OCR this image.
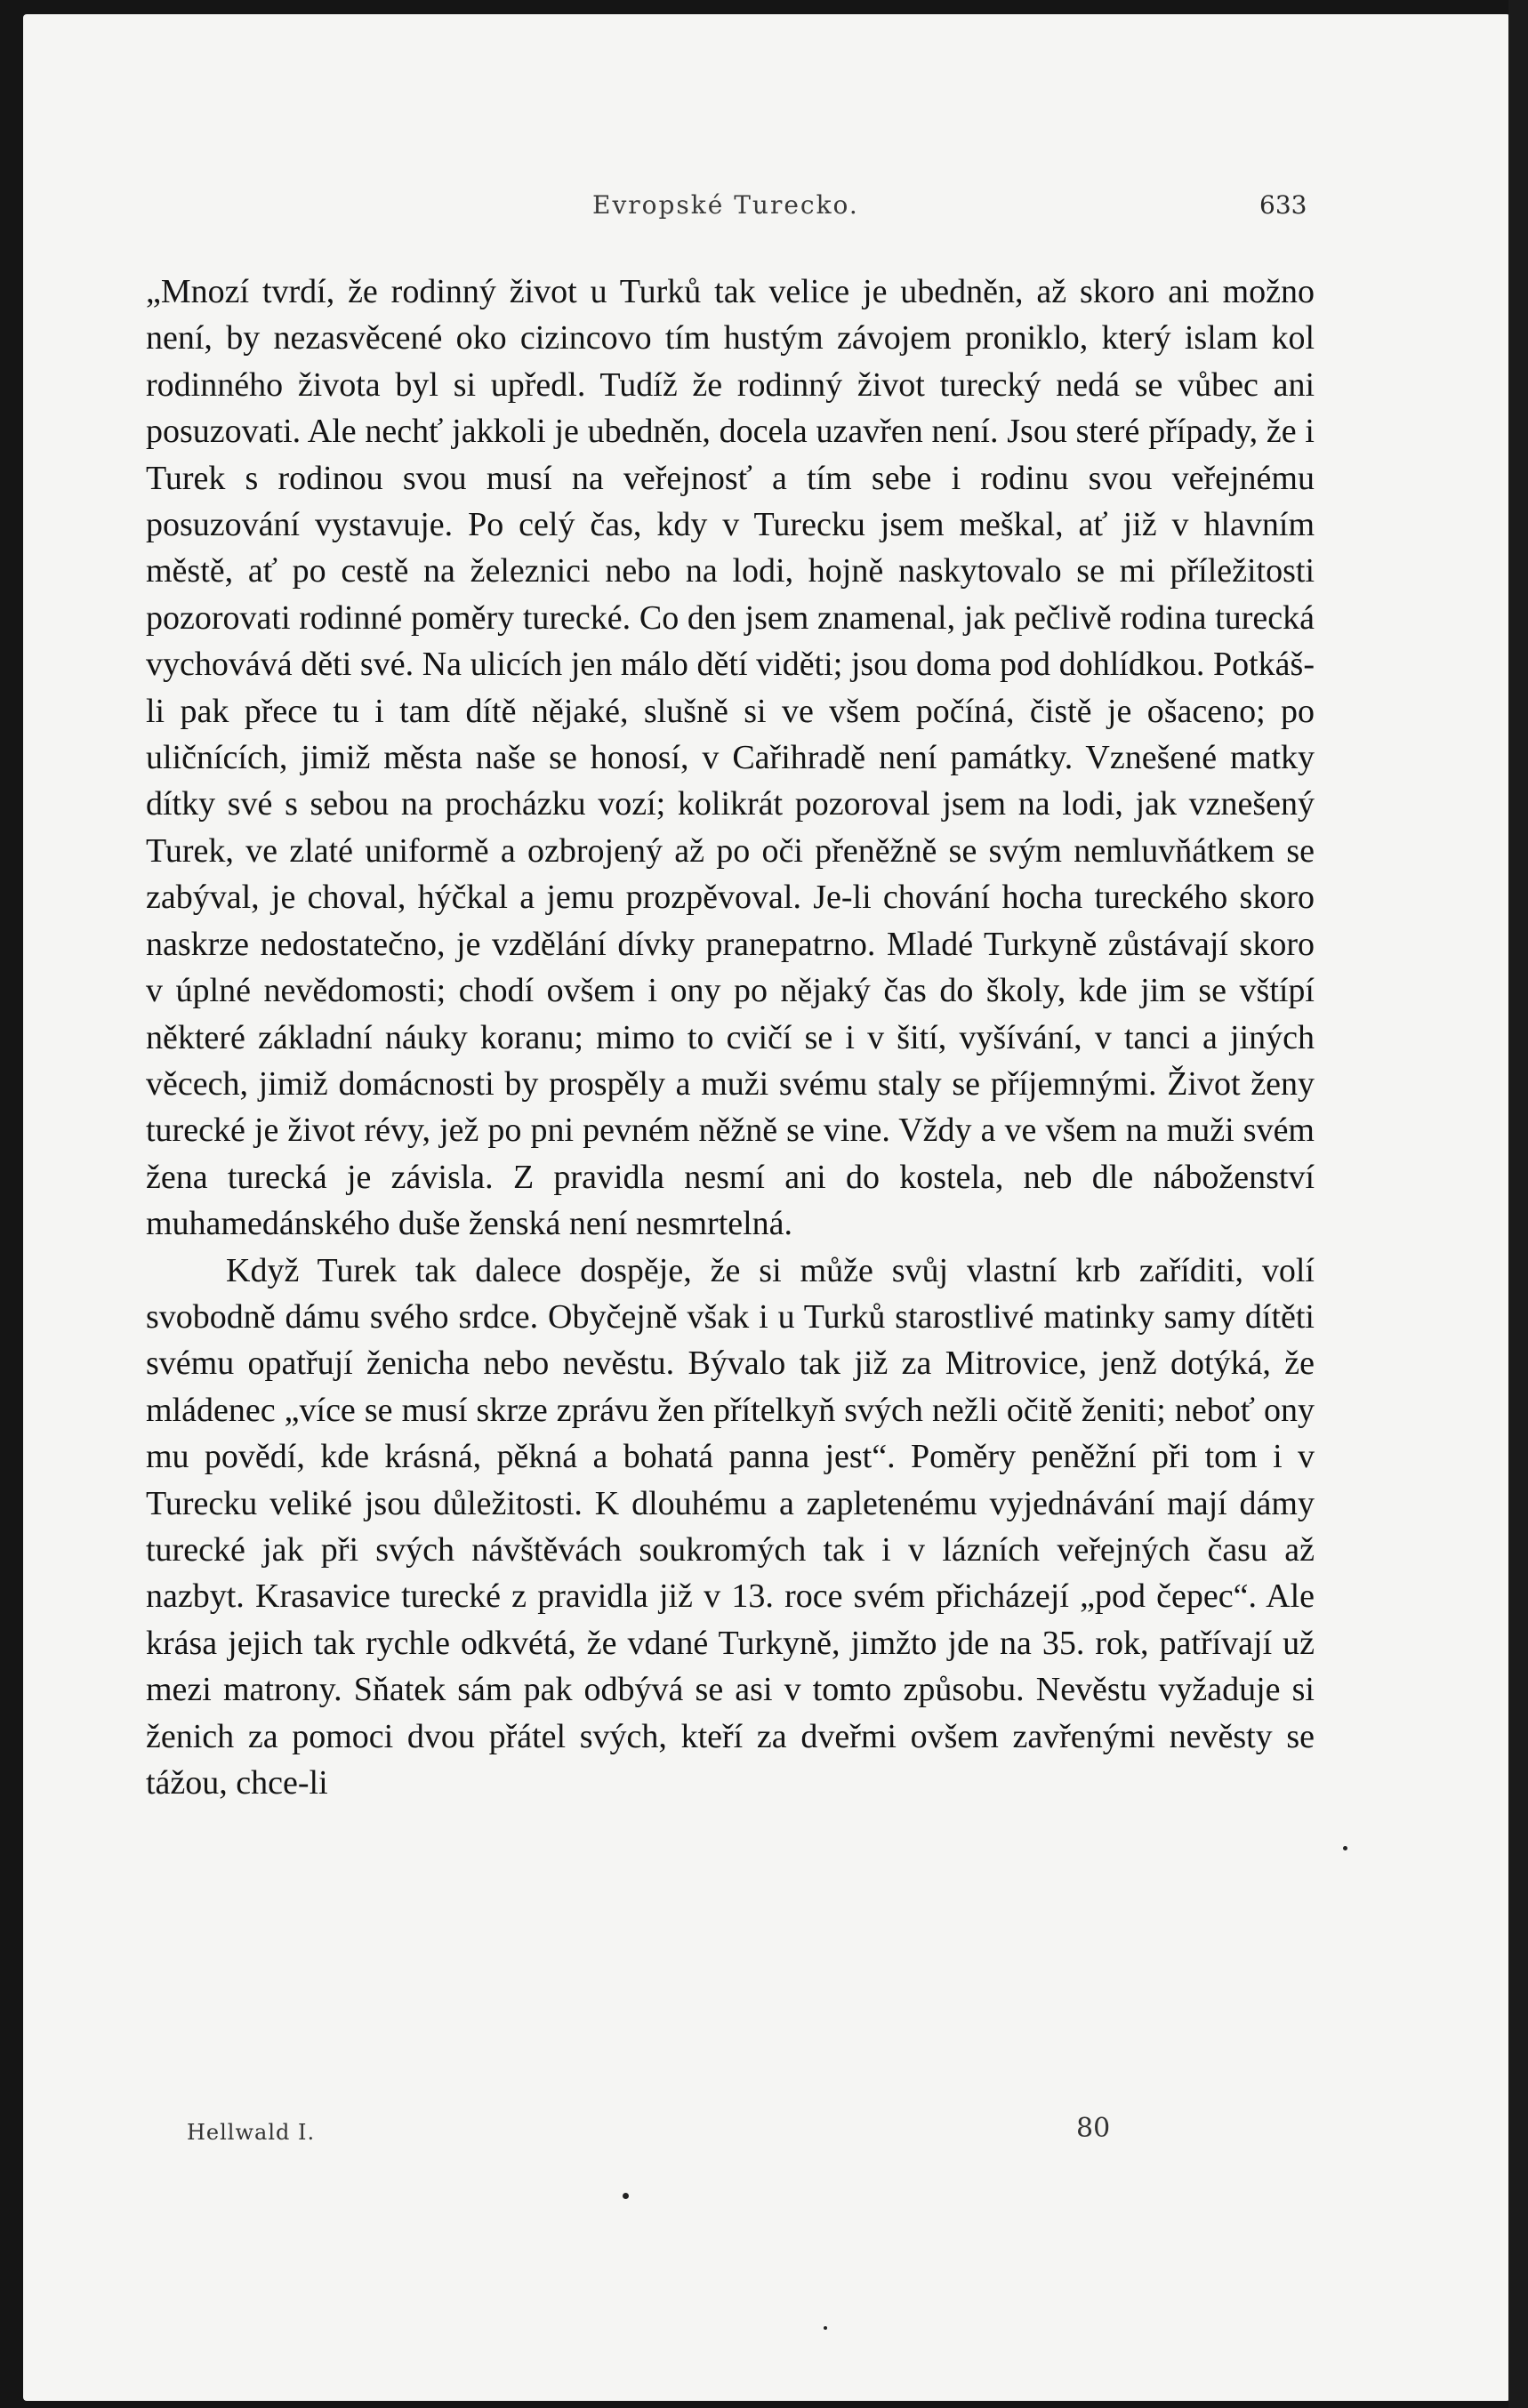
Evropské Turecko.	633

„Mnozí tvrdí, že rodinný život u Turků tak velice je ubedněn, až skoro ani možno není, by nezasvěcené oko cizincovo tím hustým závojem proniklo, který islam kol rodinného života byl si upředl. Tudíž že rodinný život turecký nedá se vůbec ani posuzovati. Ale nechť jakkoli je ubedněn, docela uzavřen není. Jsou steré případy, že i Turek s rodinou svou musí na veřejnosť a tím sebe i rodinu svou veřejnému posuzování vystavuje. Po celý čas, kdy v Turecku jsem meškal, ať již v hlavním městě, ať po cestě na železnici nebo na lodi, hojně naskytovalo se mi příležitosti pozorovati rodinné poměry turecké. Co den jsem znamenal, jak pečlivě rodina turecká vychovává děti své. Na ulicích jen málo dětí viděti; jsou doma pod dohlídkou. Potkáš-li pak přece tu i tam dítě nějaké, slušně si ve všem počíná, čistě je ošaceno; po uličnících, jimiž města naše se honosí, v Cařihradě není památky. Vznešené matky dítky své s sebou na procházku vozí; kolikrát pozoroval jsem na lodi, jak vznešený Turek, ve zlaté uniformě a ozbrojený až po oči přeněžně se svým nemluvňátkem se zabýval, je choval, hýčkal a jemu prozpěvoval. Je-li chování hocha tureckého skoro naskrze nedostatečno, je vzdělání dívky pranepatrno. Mladé Turkyně zůstávají skoro v úplné nevědomosti; chodí ovšem i ony po nějaký čas do školy, kde jim se vštípí některé základní náuky koranu; mimo to cvičí se i v šití, vyšívání, v tanci a jiných věcech, jimiž domácnosti by prospěly a muži svému staly se příjemnými. Život ženy turecké je život révy, jež po pni pevném něžně se vine. Vždy a ve všem na muži svém žena turecká je závisla. Z pravidla nesmí ani do kostela, neb dle náboženství muhamedánského duše ženská není nesmrtelná.

Když Turek tak dalece dospěje, že si může svůj vlastní krb zaříditi, volí svobodně dámu svého srdce. Obyčejně však i u Turků starostlivé matinky samy dítěti svému opatřují ženicha nebo nevěstu. Bývalo tak již za Mitrovice, jenž dotýká, že mládenec „více se musí skrze zprávu žen přítelkyň svých nežli očitě ženiti; neboť ony mu povědí, kde krásná, pěkná a bohatá panna jest“. Poměry peněžní při tom i v Turecku veliké jsou důležitosti. K dlouhému a zapletenému vyjednávání mají dámy turecké jak při svých návštěvách soukromých tak i v lázních veřejných času až nazbyt. Krasavice turecké z pravidla již v 13. roce svém přicházejí „pod čepec“. Ale krása jejich tak rychle odkvétá, že vdané Turkyně, jimžto jde na 35. rok, patřívají už mezi matrony. Sňatek sám pak odbývá se asi v tomto způsobu. Nevěstu vyžaduje si ženich za pomoci dvou přátel svých, kteří za dveřmi ovšem zavřenými nevěsty se tážou, chce-li

Hellwald I.	80
